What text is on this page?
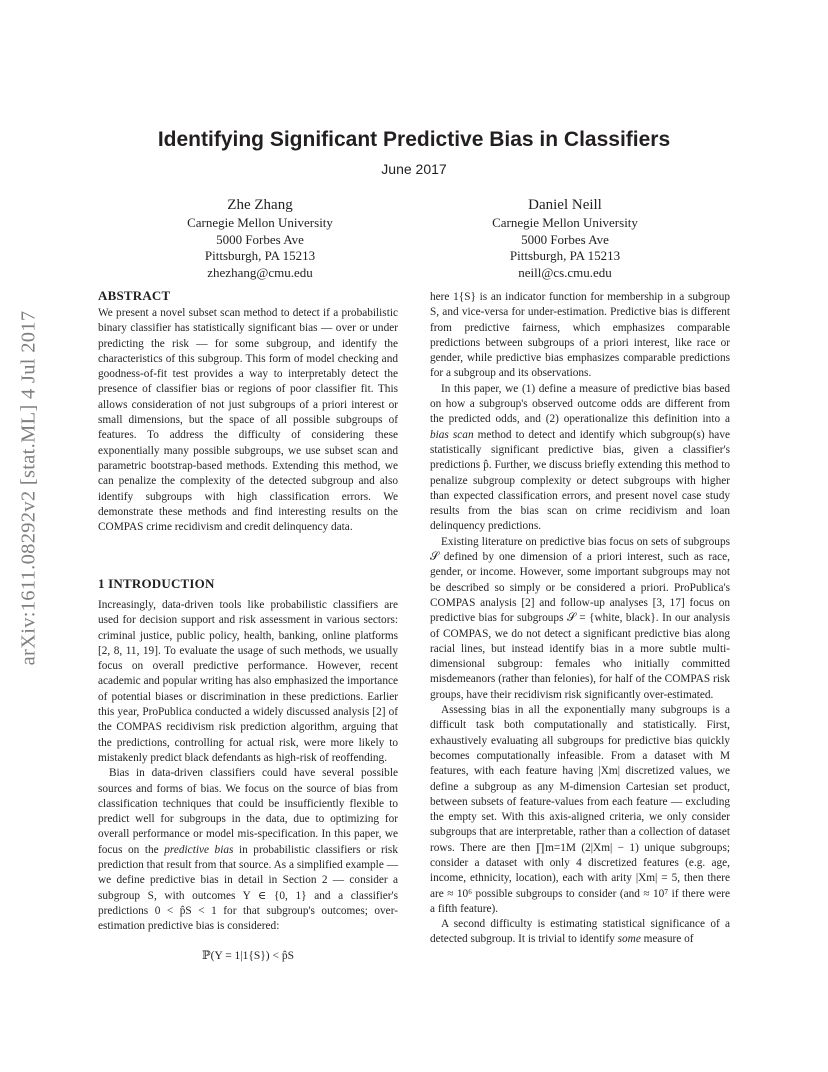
arXiv:1611.08292v2 [stat.ML] 4 Jul 2017
Identifying Significant Predictive Bias in Classifiers
June 2017
Zhe Zhang
Carnegie Mellon University
5000 Forbes Ave
Pittsburgh, PA 15213
zhezhang@cmu.edu
Daniel Neill
Carnegie Mellon University
5000 Forbes Ave
Pittsburgh, PA 15213
neill@cs.cmu.edu
ABSTRACT

We present a novel subset scan method to detect if a probabilistic binary classifier has statistically significant bias — over or under predicting the risk — for some subgroup, and identify the characteristics of this subgroup. This form of model checking and goodness-of-fit test provides a way to interpretably detect the presence of classifier bias or regions of poor classifier fit. This allows consideration of not just subgroups of a priori interest or small dimensions, but the space of all possible subgroups of features. To address the difficulty of considering these exponentially many possible subgroups, we use subset scan and parametric bootstrap-based methods. Extending this method, we can penalize the complexity of the detected subgroup and also identify subgroups with high classification errors. We demonstrate these methods and find interesting results on the COMPAS crime recidivism and credit delinquency data.

1 INTRODUCTION

Increasingly, data-driven tools like probabilistic classifiers are used for decision support and risk assessment in various sectors: criminal justice, public policy, health, banking, online platforms [2, 8, 11, 19]. To evaluate the usage of such methods, we usually focus on overall predictive performance. However, recent academic and popular writing has also emphasized the importance of potential biases or discrimination in these predictions. Earlier this year, ProPublica conducted a widely discussed analysis [2] of the COMPAS recidivism risk prediction algorithm, arguing that the predictions, controlling for actual risk, were more likely to mistakenly predict black defendants as high-risk of reoffending.

Bias in data-driven classifiers could have several possible sources and forms of bias. We focus on the source of bias from classification techniques that could be insufficiently flexible to predict well for subgroups in the data, due to optimizing for overall performance or model mis-specification. In this paper, we focus on the predictive bias in probabilistic classifiers or risk prediction that result from that source. As a simplified example — we define predictive bias in detail in Section 2 — consider a subgroup S, with outcomes Y ∈ {0, 1} and a classifier's predictions 0 < p̂S < 1 for that subgroup's outcomes; over-estimation predictive bias is considered:

ℙ(Y = 1|1{S}) < p̂S

here 1{S} is an indicator function for membership in a subgroup S, and vice-versa for under-estimation. Predictive bias is different from predictive fairness, which emphasizes comparable predictions between subgroups of a priori interest, like race or gender, while predictive bias emphasizes comparable predictions for a subgroup and its observations.

In this paper, we (1) define a measure of predictive bias based on how a subgroup's observed outcome odds are different from the predicted odds, and (2) operationalize this definition into a bias scan method to detect and identify which subgroup(s) have statistically significant predictive bias, given a classifier's predictions p̂. Further, we discuss briefly extending this method to penalize subgroup complexity or detect subgroups with higher than expected classification errors, and present novel case study results from the bias scan on crime recidivism and loan delinquency predictions.

Existing literature on predictive bias focus on sets of subgroups 𝒮 defined by one dimension of a priori interest, such as race, gender, or income. However, some important subgroups may not be described so simply or be considered a priori. ProPublica's COMPAS analysis [2] and follow-up analyses [3, 17] focus on predictive bias for subgroups 𝒮 = {white, black}. In our analysis of COMPAS, we do not detect a significant predictive bias along racial lines, but instead identify bias in a more subtle multi-dimensional subgroup: females who initially committed misdemeanors (rather than felonies), for half of the COMPAS risk groups, have their recidivism risk significantly over-estimated.

Assessing bias in all the exponentially many subgroups is a difficult task both computationally and statistically. First, exhaustively evaluating all subgroups for predictive bias quickly becomes computationally infeasible. From a dataset with M features, with each feature having |Xm| discretized values, we define a subgroup as any M-dimension Cartesian set product, between subsets of feature-values from each feature — excluding the empty set. With this axis-aligned criteria, we only consider subgroups that are interpretable, rather than a collection of dataset rows. There are then ∏m=1M (2|Xm| − 1) unique subgroups; consider a dataset with only 4 discretized features (e.g. age, income, ethnicity, location), each with arity |Xm| = 5, then there are ≈ 10⁶ possible subgroups to consider (and ≈ 10⁷ if there were a fifth feature).

A second difficulty is estimating statistical significance of a detected subgroup. It is trivial to identify some measure of
